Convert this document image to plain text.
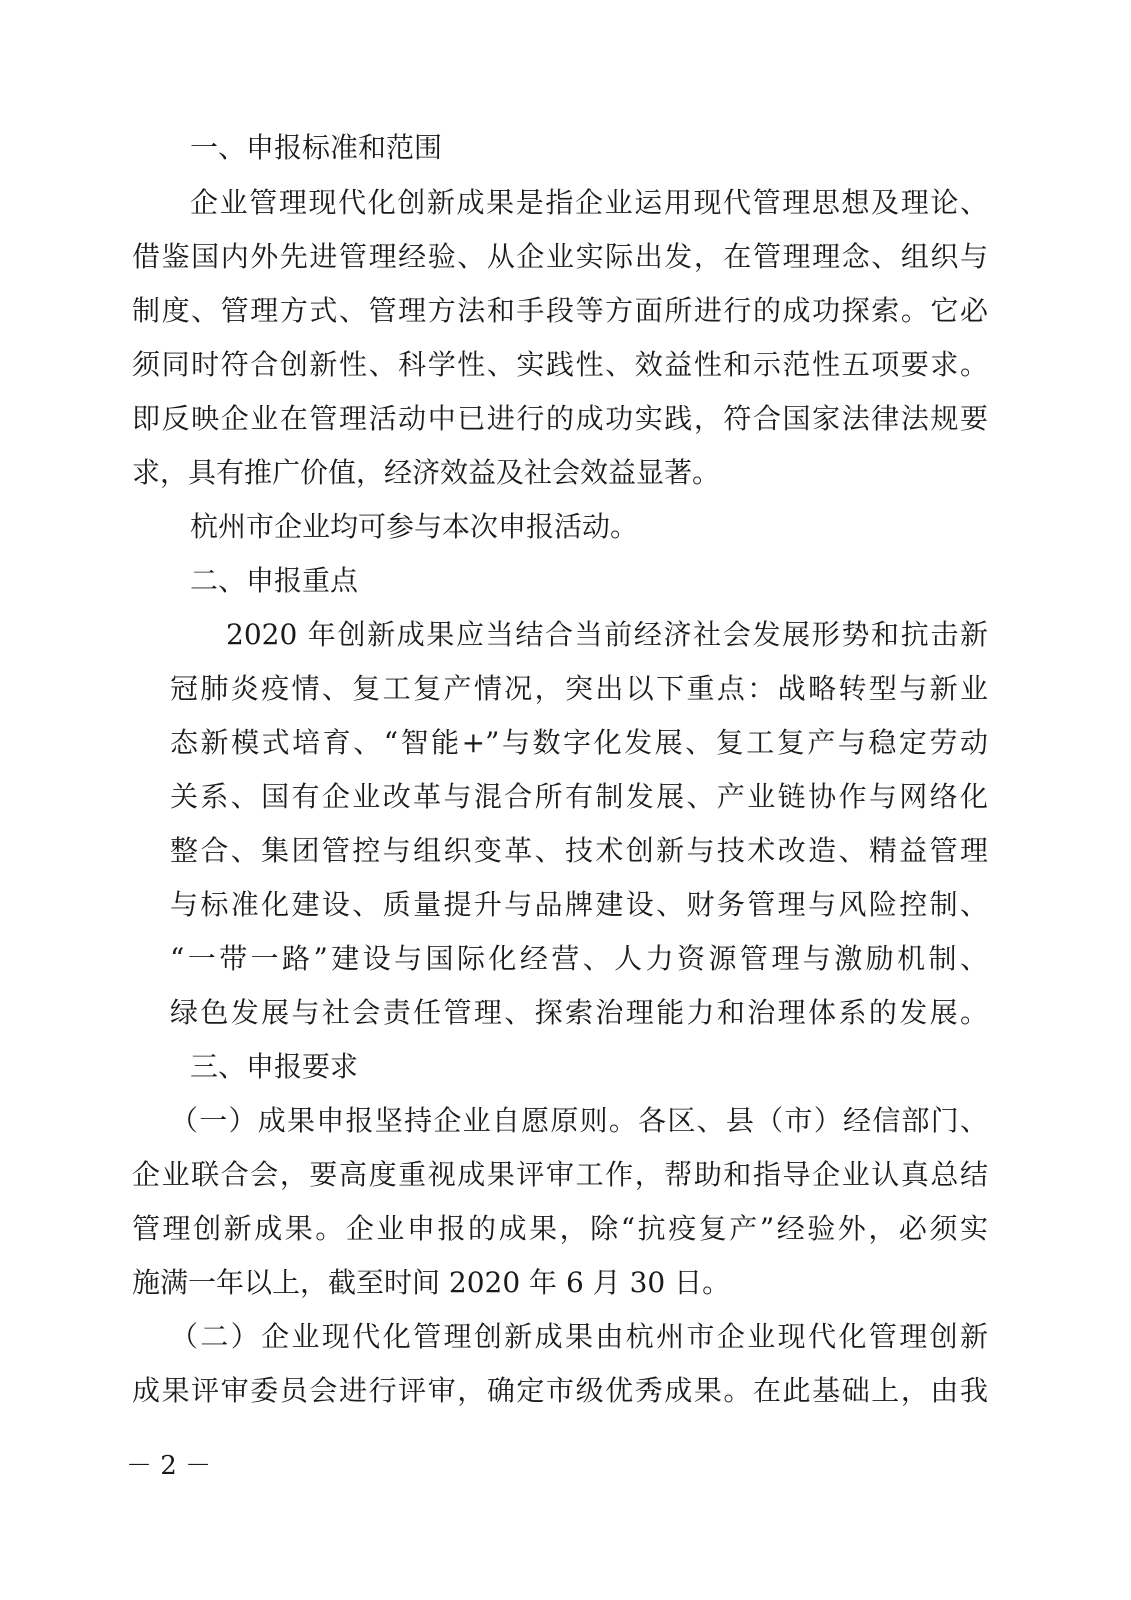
一、申报标准和范围
企业管理现代化创新成果是指企业运用现代管理思想及理论、
借鉴国内外先进管理经验、从企业实际出发，在管理理念、组织与
制度、管理方式、管理方法和手段等方面所进行的成功探索。它必
须同时符合创新性、科学性、实践性、效益性和示范性五项要求。
即反映企业在管理活动中已进行的成功实践，符合国家法律法规要
求，具有推广价值，经济效益及社会效益显著。
杭州市企业均可参与本次申报活动。
二、申报重点
2020 年创新成果应当结合当前经济社会发展形势和抗击新
冠肺炎疫情、复工复产情况，突出以下重点：战略转型与新业
态新模式培育、“智能+”与数字化发展、复工复产与稳定劳动
关系、国有企业改革与混合所有制发展、产业链协作与网络化
整合、集团管控与组织变革、技术创新与技术改造、精益管理
与标准化建设、质量提升与品牌建设、财务管理与风险控制、
“一带一路”建设与国际化经营、人力资源管理与激励机制、
绿色发展与社会责任管理、探索治理能力和治理体系的发展。
三、申报要求
（一）成果申报坚持企业自愿原则。各区、县（市）经信部门、
企业联合会，要高度重视成果评审工作，帮助和指导企业认真总结
管理创新成果。企业申报的成果，除“抗疫复产”经验外，必须实
施满一年以上，截至时间 2020 年 6 月 30 日。
（二）企业现代化管理创新成果由杭州市企业现代化管理创新
成果评审委员会进行评审，确定市级优秀成果。在此基础上，由我
－ 2 －
